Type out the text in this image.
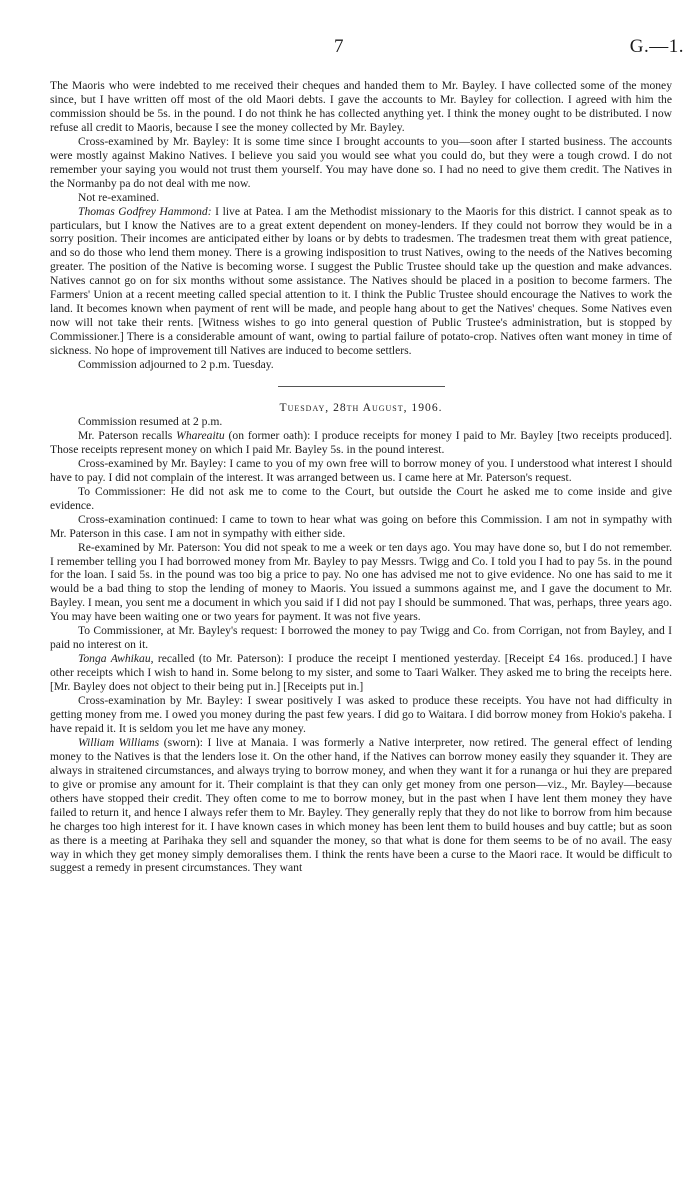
7	G.—1.

The Maoris who were indebted to me received their cheques and handed them to Mr. Bayley. I have collected some of the money since, but I have written off most of the old Maori debts. I gave the accounts to Mr. Bayley for collection. I agreed with him the commission should be 5s. in the pound. I do not think he has collected anything yet. I think the money ought to be distributed. I now refuse all credit to Maoris, because I see the money collected by Mr. Bayley.

Cross-examined by Mr. Bayley: It is some time since I brought accounts to you—soon after I started business. The accounts were mostly against Makino Natives. I believe you said you would see what you could do, but they were a tough crowd. I do not remember your saying you would not trust them yourself. You may have done so. I had no need to give them credit. The Natives in the Normanby pa do not deal with me now.

Not re-examined.

Thomas Godfrey Hammond: I live at Patea. I am the Methodist missionary to the Maoris for this district. I cannot speak as to particulars, but I know the Natives are to a great extent dependent on money-lenders. If they could not borrow they would be in a sorry position. Their incomes are anticipated either by loans or by debts to tradesmen. The tradesmen treat them with great patience, and so do those who lend them money. There is a growing indisposition to trust Natives, owing to the needs of the Natives becoming greater. The position of the Native is becoming worse. I suggest the Public Trustee should take up the question and make advances. Natives cannot go on for six months without some assistance. The Natives should be placed in a position to become farmers. The Farmers' Union at a recent meeting called special attention to it. I think the Public Trustee should encourage the Natives to work the land. It becomes known when payment of rent will be made, and people hang about to get the Natives' cheques. Some Natives even now will not take their rents. [Witness wishes to go into general question of Public Trustee's administration, but is stopped by Commissioner.] There is a considerable amount of want, owing to partial failure of potato-crop. Natives often want money in time of sickness. No hope of improvement till Natives are induced to become settlers.

Commission adjourned to 2 p.m. Tuesday.

Tuesday, 28th August, 1906.

Commission resumed at 2 p.m.

Mr. Paterson recalls Whareaitu (on former oath): I produce receipts for money I paid to Mr. Bayley [two receipts produced]. Those receipts represent money on which I paid Mr. Bayley 5s. in the pound interest.

Cross-examined by Mr. Bayley: I came to you of my own free will to borrow money of you. I understood what interest I should have to pay. I did not complain of the interest. It was arranged between us. I came here at Mr. Paterson's request.

To Commissioner: He did not ask me to come to the Court, but outside the Court he asked me to come inside and give evidence.

Cross-examination continued: I came to town to hear what was going on before this Commission. I am not in sympathy with Mr. Paterson in this case. I am not in sympathy with either side.

Re-examined by Mr. Paterson: You did not speak to me a week or ten days ago. You may have done so, but I do not remember. I remember telling you I had borrowed money from Mr. Bayley to pay Messrs. Twigg and Co. I told you I had to pay 5s. in the pound for the loan. I said 5s. in the pound was too big a price to pay. No one has advised me not to give evidence. No one has said to me it would be a bad thing to stop the lending of money to Maoris. You issued a summons against me, and I gave the document to Mr. Bayley. I mean, you sent me a document in which you said if I did not pay I should be summoned. That was, perhaps, three years ago. You may have been waiting one or two years for payment. It was not five years.

To Commissioner, at Mr. Bayley's request: I borrowed the money to pay Twigg and Co. from Corrigan, not from Bayley, and I paid no interest on it.

Tonga Awhikau, recalled (to Mr. Paterson): I produce the receipt I mentioned yesterday. [Receipt £4 16s. produced.] I have other receipts which I wish to hand in. Some belong to my sister, and some to Taari Walker. They asked me to bring the receipts here. [Mr. Bayley does not object to their being put in.] [Receipts put in.]

Cross-examination by Mr. Bayley: I swear positively I was asked to produce these receipts. You have not had difficulty in getting money from me. I owed you money during the past few years. I did go to Waitara. I did borrow money from Hokio's pakeha. I have repaid it. It is seldom you let me have any money.

William Williams (sworn): I live at Manaia. I was formerly a Native interpreter, now retired. The general effect of lending money to the Natives is that the lenders lose it. On the other hand, if the Natives can borrow money easily they squander it. They are always in straitened circumstances, and always trying to borrow money, and when they want it for a runanga or hui they are prepared to give or promise any amount for it. Their complaint is that they can only get money from one person—viz., Mr. Bayley—because others have stopped their credit. They often come to me to borrow money, but in the past when I have lent them money they have failed to return it, and hence I always refer them to Mr. Bayley. They generally reply that they do not like to borrow from him because he charges too high interest for it. I have known cases in which money has been lent them to build houses and buy cattle; but as soon as there is a meeting at Parihaka they sell and squander the money, so that what is done for them seems to be of no avail. The easy way in which they get money simply demoralises them. I think the rents have been a curse to the Maori race. It would be difficult to suggest a remedy in present circumstances. They want
